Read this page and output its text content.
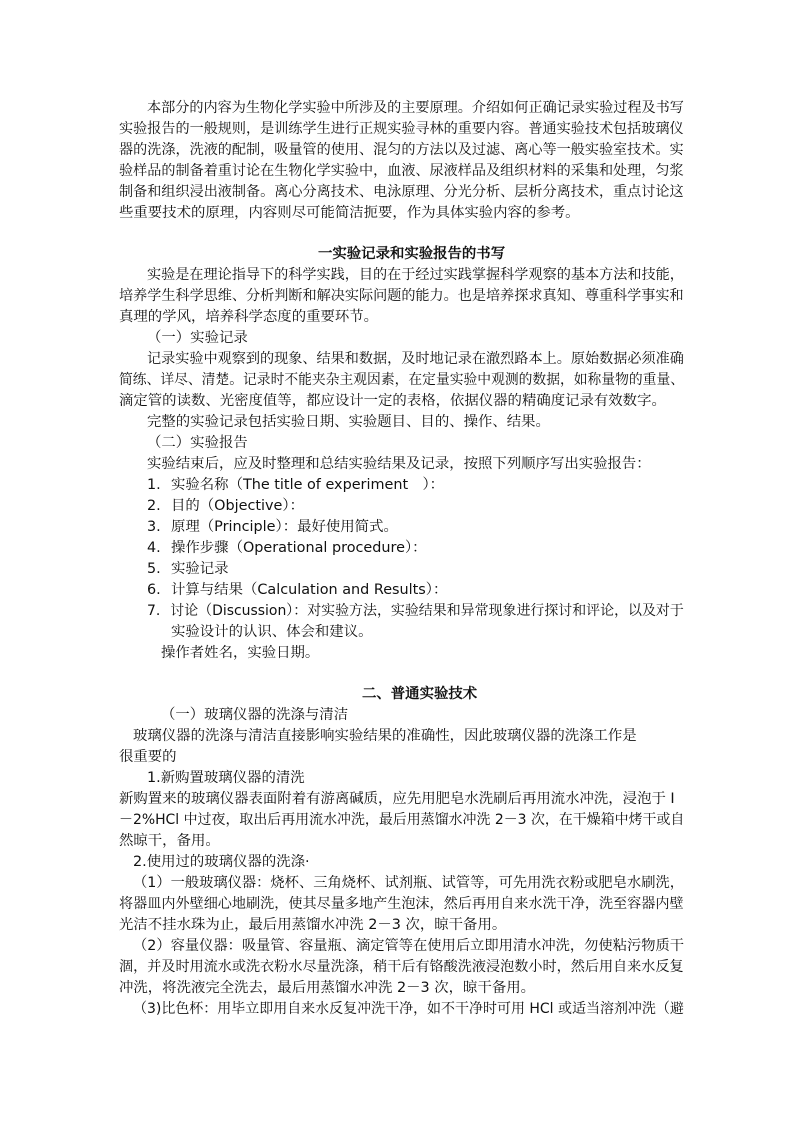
本部分的内容为生物化学实验中所涉及的主要原理。介绍如何正确记录实验过程及书写
实验报告的一般规则，是训练学生进行正规实验寻林的重要内容。普通实验技术包括玻璃仪
器的洗涤，洗液的配制，吸量管的使用、混匀的方法以及过滤、离心等一般实验室技术。实
验样品的制备着重讨论在生物化学实验中，血液、尿液样品及组织材料的采集和处理，匀浆
制备和组织浸出液制备。离心分离技术、电泳原理、分光分析、层析分离技术，重点讨论这
些重要技术的原理，内容则尽可能简洁扼要，作为具体实验内容的参考。
一实验记录和实验报告的书写
实验是在理论指导下的科学实践，目的在于经过实践掌握科学观察的基本方法和技能，
培养学生科学思维、分析判断和解决实际问题的能力。也是培养探求真知、尊重科学事实和
真理的学风，培养科学态度的重要环节。
（一）实验记录
记录实验中观察到的现象、结果和数据，及时地记录在澈烈路本上。原始数据必须准确
简练、详尽、清楚。记录时不能夹杂主观因素，在定量实验中观测的数据，如称量物的重量、
滴定管的读数、光密度值等，都应设计一定的表格，依据仪器的精确度记录有效数字。
完整的实验记录包括实验日期、实验题目、目的、操作、结果。
（二）实验报告
实验结束后，应及时整理和总结实验结果及记录，按照下列顺序写出实验报告：
1. 实验名称（The title of experiment　）：
2. 目的（Objective）：
3. 原理（Principle）：最好使用简式。
4. 操作步骤（Operational procedure）：
5. 实验记录
6. 计算与结果（Calculation and Results）：
7. 讨论（Discussion）：对实验方法，实验结果和异常现象进行探讨和评论，以及对于
实验设计的认识、体会和建议。
操作者姓名，实验日期。
二、普通实验技术
（一）玻璃仪器的洗涤与清洁
玻璃仪器的洗涤与清洁直接影响实验结果的准确性，因此玻璃仪器的洗涤工作是
很重要的
1.新购置玻璃仪器的清洗
新购置来的玻璃仪器表面附着有游离碱质，应先用肥皂水洗刷后再用流水冲洗，浸泡于 I
－2%HCl 中过夜，取出后再用流水冲洗，最后用蒸馏水冲洗 2－3 次，在干燥箱中烤干或自
然晾干，备用。
2.使用过的玻璃仪器的洗涤·
（1）一般玻璃仪器：烧杯、三角烧杯、试剂瓶、试管等，可先用洗衣粉或肥皂水刷洗，
将器皿内外壁细心地刷洗，使其尽量多地产生泡沫，然后再用自来水洗干净，洗至容器内壁
光洁不挂水珠为止，最后用蒸馏水冲洗 2－3 次，晾干备用。
（2）容量仪器：吸量管、容量瓶、滴定管等在使用后立即用清水冲洗，勿使粘污物质干
涸，并及时用流水或洗衣粉水尽量洗涤，稍干后有铬酸洗液浸泡数小时，然后用自来水反复
冲洗，将洗液完全洗去，最后用蒸馏水冲洗 2－3 次，晾干备用。
（3)比色杯：用毕立即用自来水反复冲洗干净，如不干净时可用 HCl 或适当溶剂冲洗（避
